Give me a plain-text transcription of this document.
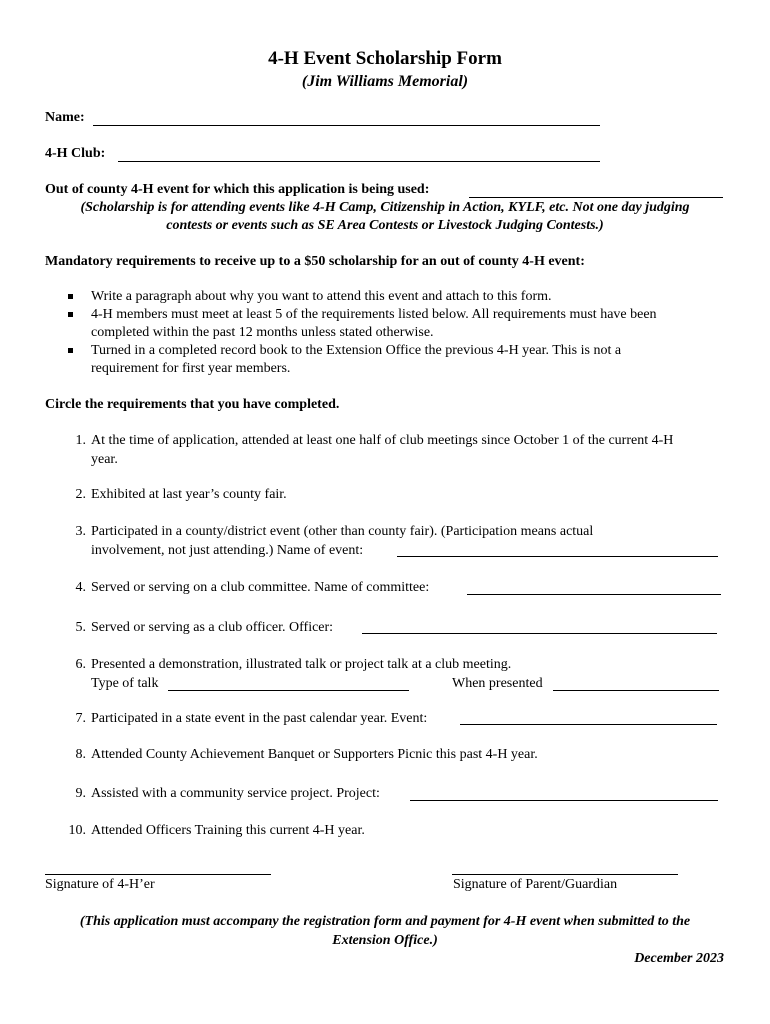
4-H Event Scholarship Form
(Jim Williams Memorial)
Name:
4-H Club:
Out of county 4-H event for which this application is being used:
(Scholarship is for attending events like 4-H Camp, Citizenship in Action, KYLF, etc. Not one day judging
contests or events such as SE Area Contests or Livestock Judging Contests.)
Mandatory requirements to receive up to a $50 scholarship for an out of county 4-H event:
Write a paragraph about why you want to attend this event and attach to this form.
4-H members must meet at least 5 of the requirements listed below. All requirements must have been
completed within the past 12 months unless stated otherwise.
Turned in a completed record book to the Extension Office the previous 4-H year. This is not a
requirement for first year members.
Circle the requirements that you have completed.
1. At the time of application, attended at least one half of club meetings since October 1 of the current 4-H
year.
2. Exhibited at last year’s county fair.
3. Participated in a county/district event (other than county fair). (Participation means actual
involvement, not just attending.) Name of event:
4. Served or serving on a club committee. Name of committee:
5. Served or serving as a club officer. Officer:
6. Presented a demonstration, illustrated talk or project talk at a club meeting.
Type of talk	When presented
7. Participated in a state event in the past calendar year. Event:
8. Attended County Achievement Banquet or Supporters Picnic this past 4-H year.
9. Assisted with a community service project. Project:
10. Attended Officers Training this current 4-H year.
Signature of 4-H’er	Signature of Parent/Guardian
(This application must accompany the registration form and payment for 4-H event when submitted to the
Extension Office.)
December 2023
